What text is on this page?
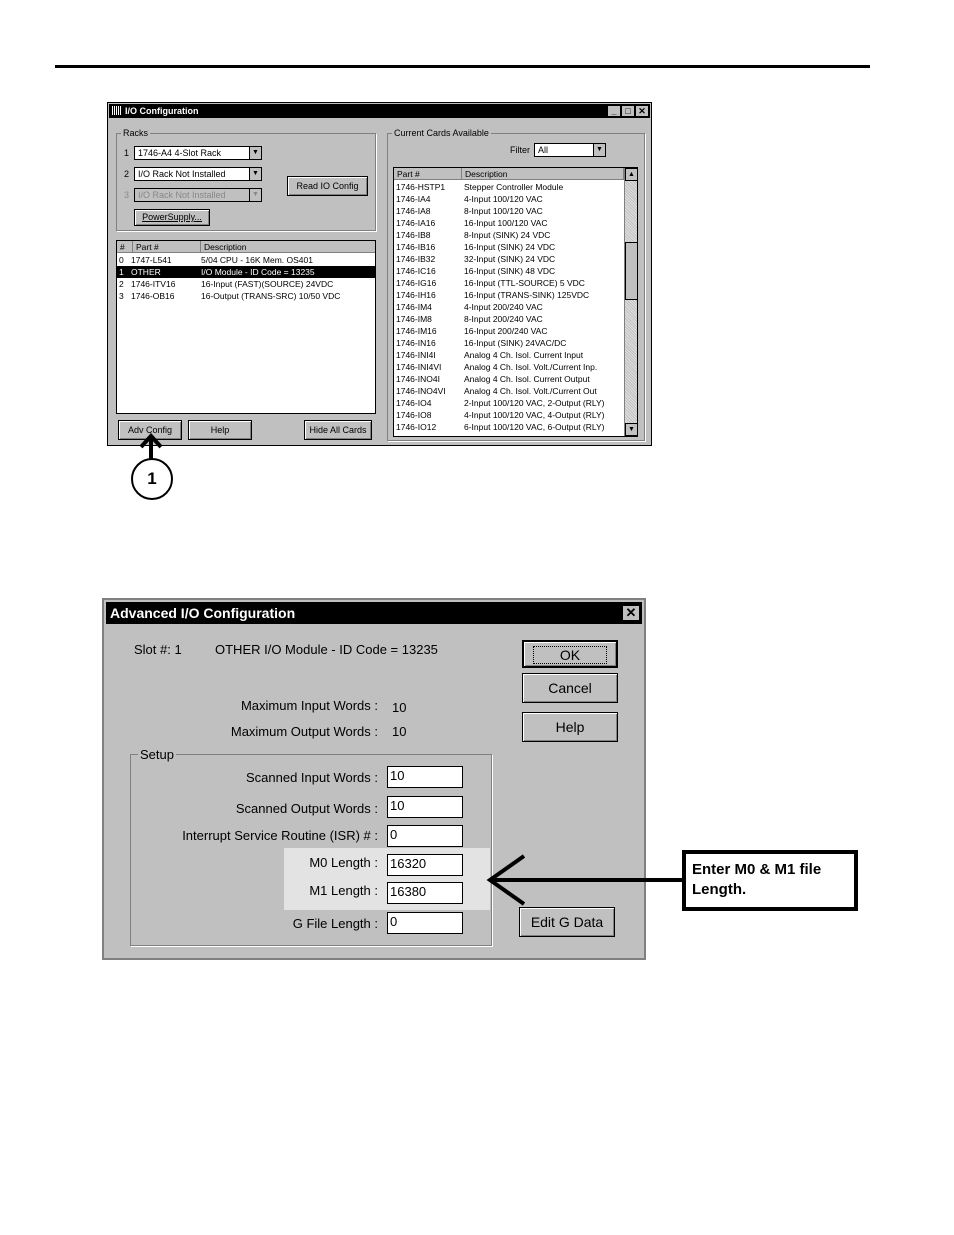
I/O Configuration	_ □ ✕
Racks
1 1746-A4 4-Slot Rack	▼
2 I/O Rack Not Installed	▼
3 I/O Rack Not Installed	▼
PowerSupply...
Read IO Config
#	Part #	Description
0 1747-L541	5/04 CPU - 16K Mem. OS401
1 OTHER	I/O Module - ID Code = 13235
2 1746-ITV16	16-Input (FAST)(SOURCE) 24VDC
3 1746-OB16	16-Output (TRANS-SRC) 10/50 VDC
Adv Config	Help	Hide All Cards
Current Cards Available
Filter All	▼
Part #	Description
1746-HSTP1 Stepper Controller Module
1746-IA4	4-Input 100/120 VAC
1746-IA8	8-Input 100/120 VAC
1746-IA16	16-Input 100/120 VAC
1746-IB8	8-Input (SINK) 24 VDC
1746-IB16	16-Input (SINK) 24 VDC
1746-IB32	32-Input (SINK) 24 VDC
1746-IC16	16-Input (SINK) 48 VDC
1746-IG16	16-Input (TTL-SOURCE) 5 VDC
1746-IH16	16-Input (TRANS-SINK) 125VDC
1746-IM4	4-Input 200/240 VAC
1746-IM8	8-Input 200/240 VAC
1746-IM16	16-Input 200/240 VAC
1746-IN16	16-Input (SINK) 24VAC/DC
1746-INI4I	Analog 4 Ch. Isol. Current Input
1746-INI4VI	Analog 4 Ch. Isol. Volt./Current Inp.
1746-INO4I	Analog 4 Ch. Isol. Current Output
1746-INO4VI Analog 4 Ch. Isol. Volt./Current Out
1746-IO4	2-Input 100/120 VAC, 2-Output (RLY)
1746-IO8	4-Input 100/120 VAC, 4-Output (RLY)
1746-IO12	6-Input 100/120 VAC, 6-Output (RLY)
▲
▼
1
Advanced I/O Configuration	✕
Slot #: 1	OTHER I/O Module - ID Code = 13235
Maximum Input Words : 10
Maximum Output Words : 10
Setup
Scanned Input Words : 10
Scanned Output Words : 10
Interrupt Service Routine (ISR) # : 0
M0 Length : 16320
M1 Length : 16380
G File Length : 0
OK
Cancel
Help
Edit G Data
Enter M0 & M1 file
Length.
